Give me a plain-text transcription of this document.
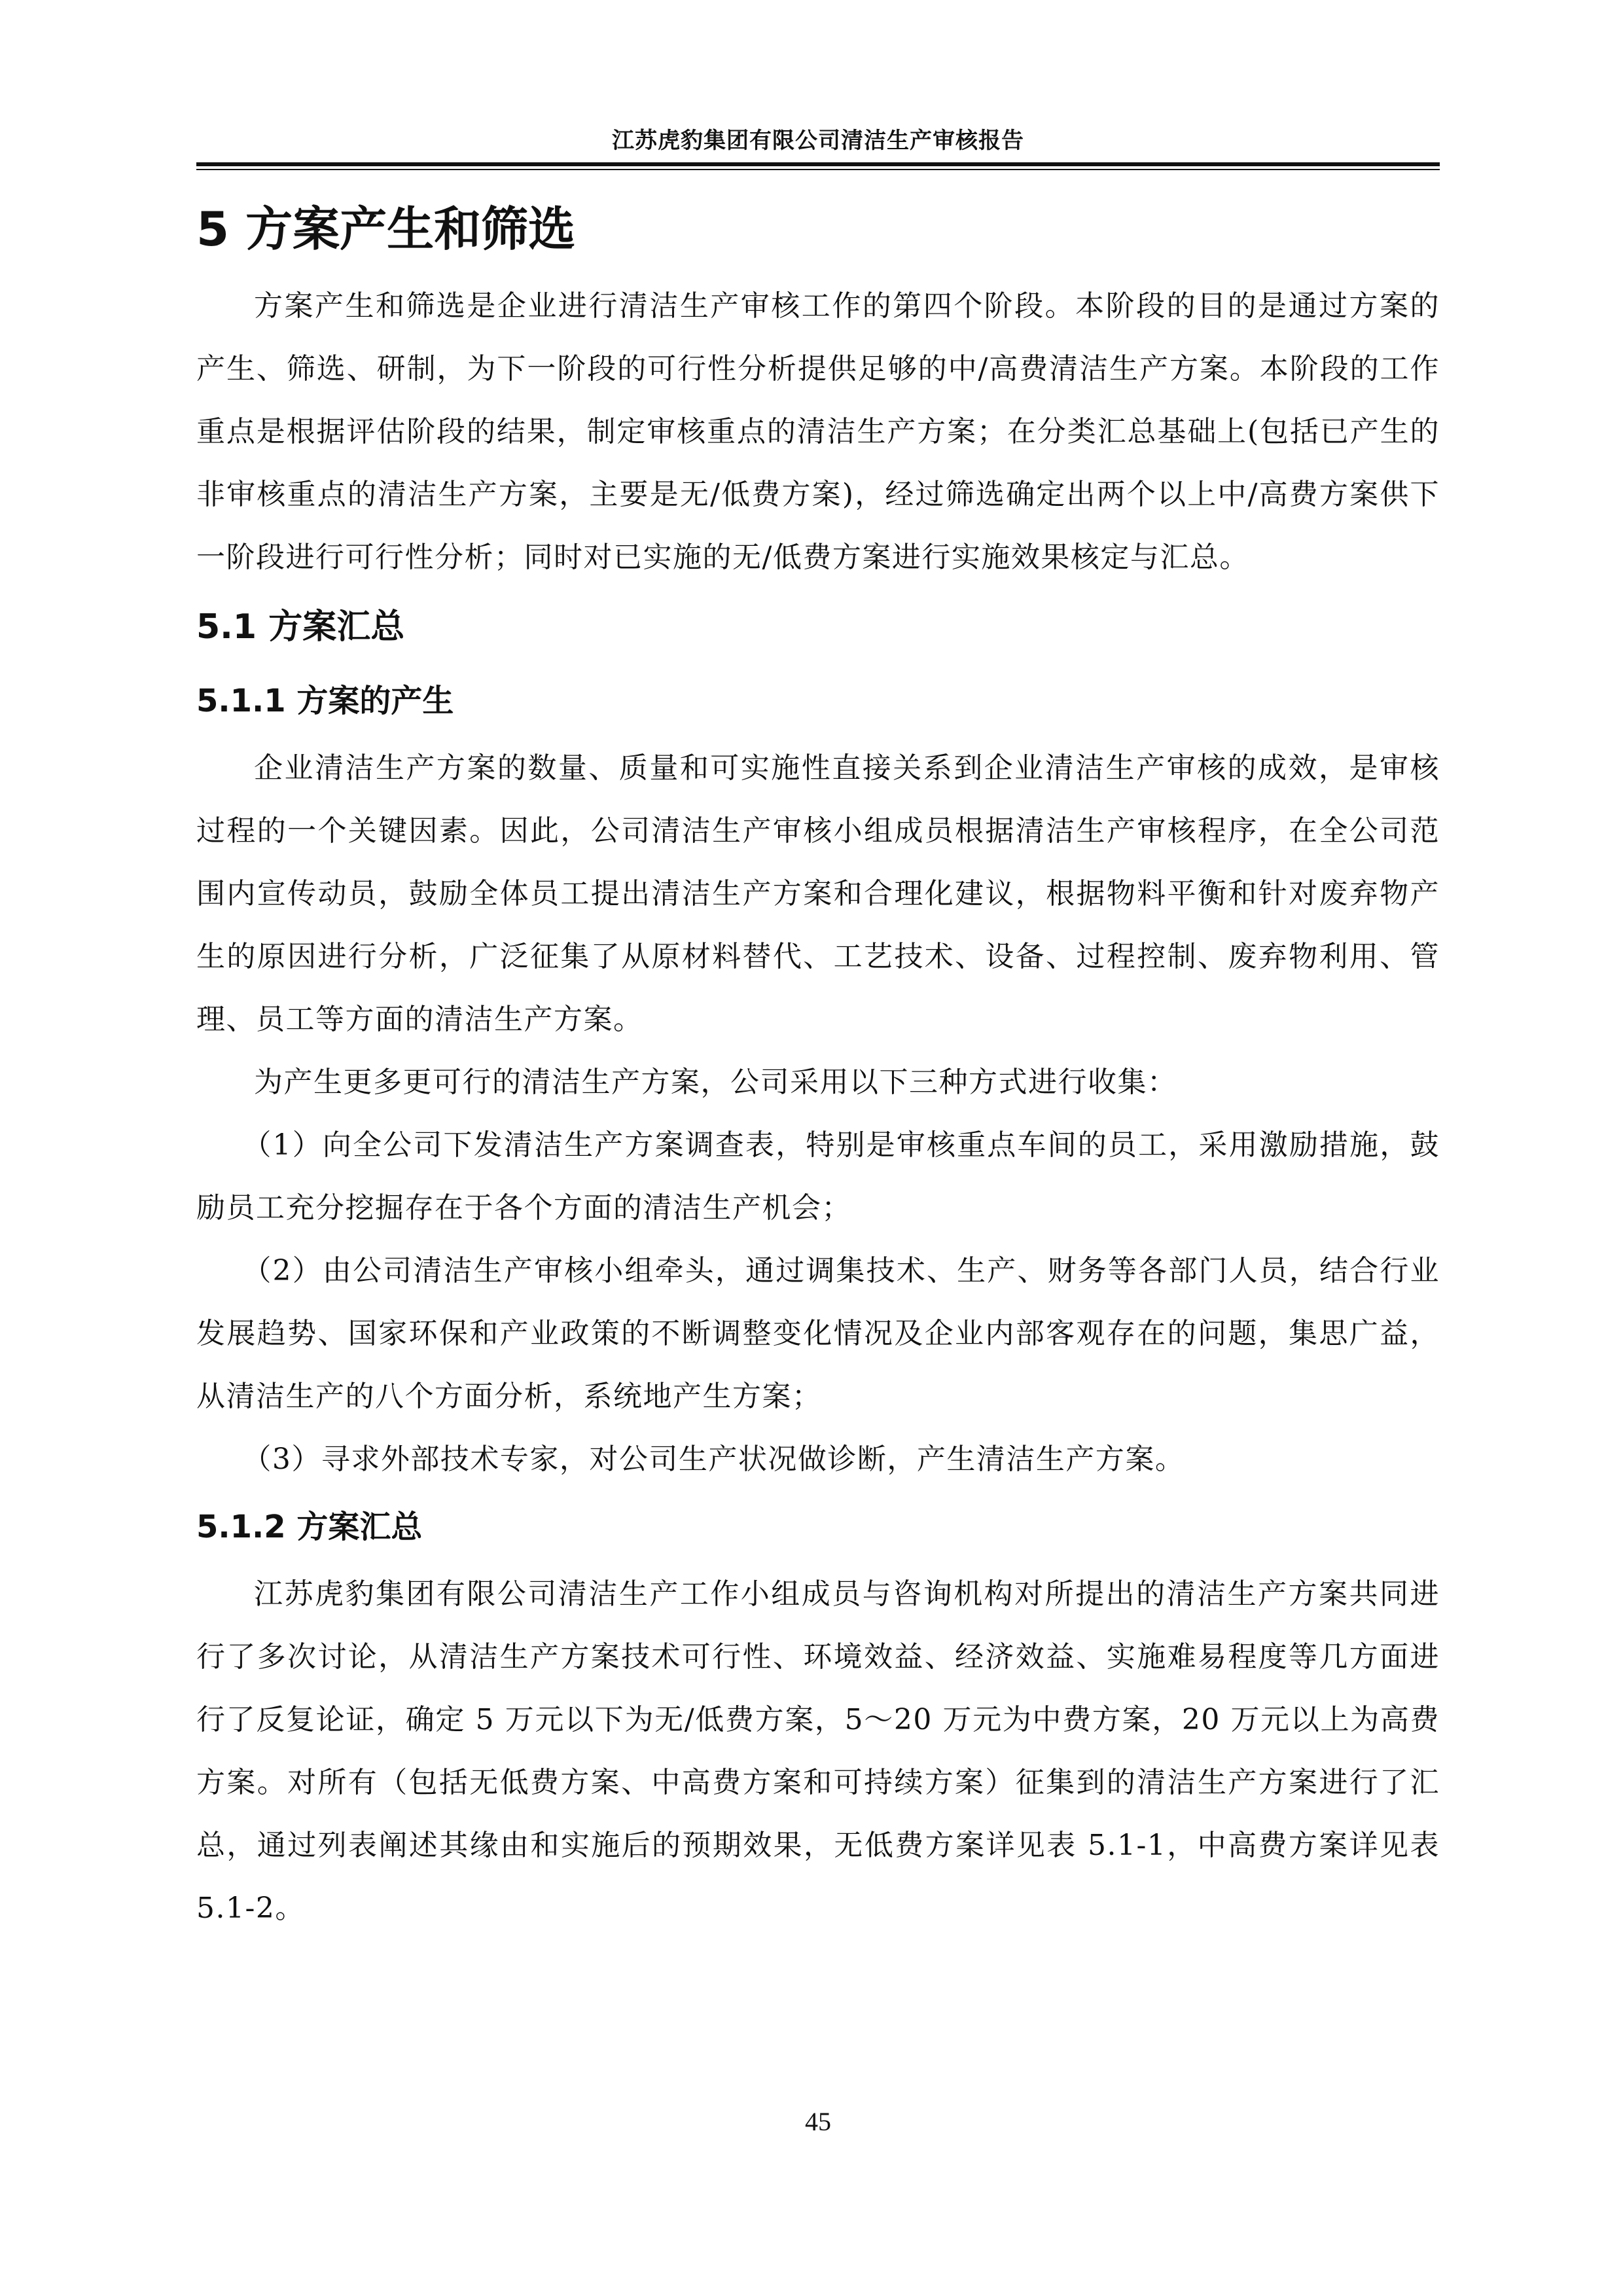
江苏虎豹集团有限公司清洁生产审核报告
5 方案产生和筛选

方案产生和筛选是企业进行清洁生产审核工作的第四个阶段。本阶段的目的是通过方案的产生、筛选、研制，为下一阶段的可行性分析提供足够的中/高费清洁生产方案。本阶段的工作重点是根据评估阶段的结果，制定审核重点的清洁生产方案；在分类汇总基础上(包括已产生的非审核重点的清洁生产方案，主要是无/低费方案)，经过筛选确定出两个以上中/高费方案供下一阶段进行可行性分析；同时对已实施的无/低费方案进行实施效果核定与汇总。

5.1 方案汇总
5.1.1 方案的产生

企业清洁生产方案的数量、质量和可实施性直接关系到企业清洁生产审核的成效，是审核过程的一个关键因素。因此，公司清洁生产审核小组成员根据清洁生产审核程序，在全公司范围内宣传动员，鼓励全体员工提出清洁生产方案和合理化建议，根据物料平衡和针对废弃物产生的原因进行分析，广泛征集了从原材料替代、工艺技术、设备、过程控制、废弃物利用、管理、员工等方面的清洁生产方案。

为产生更多更可行的清洁生产方案，公司采用以下三种方式进行收集：

（1）向全公司下发清洁生产方案调查表，特别是审核重点车间的员工，采用激励措施，鼓励员工充分挖掘存在于各个方面的清洁生产机会；

（2）由公司清洁生产审核小组牵头，通过调集技术、生产、财务等各部门人员，结合行业发展趋势、国家环保和产业政策的不断调整变化情况及企业内部客观存在的问题，集思广益，从清洁生产的八个方面分析，系统地产生方案；

（3）寻求外部技术专家，对公司生产状况做诊断，产生清洁生产方案。

5.1.2 方案汇总

江苏虎豹集团有限公司清洁生产工作小组成员与咨询机构对所提出的清洁生产方案共同进行了多次讨论，从清洁生产方案技术可行性、环境效益、经济效益、实施难易程度等几方面进行了反复论证，确定 5 万元以下为无/低费方案，5～20 万元为中费方案，20 万元以上为高费方案。对所有（包括无低费方案、中高费方案和可持续方案）征集到的清洁生产方案进行了汇总，通过列表阐述其缘由和实施后的预期效果，无低费方案详见表 5.1-1，中高费方案详见表 5.1-2。

45
